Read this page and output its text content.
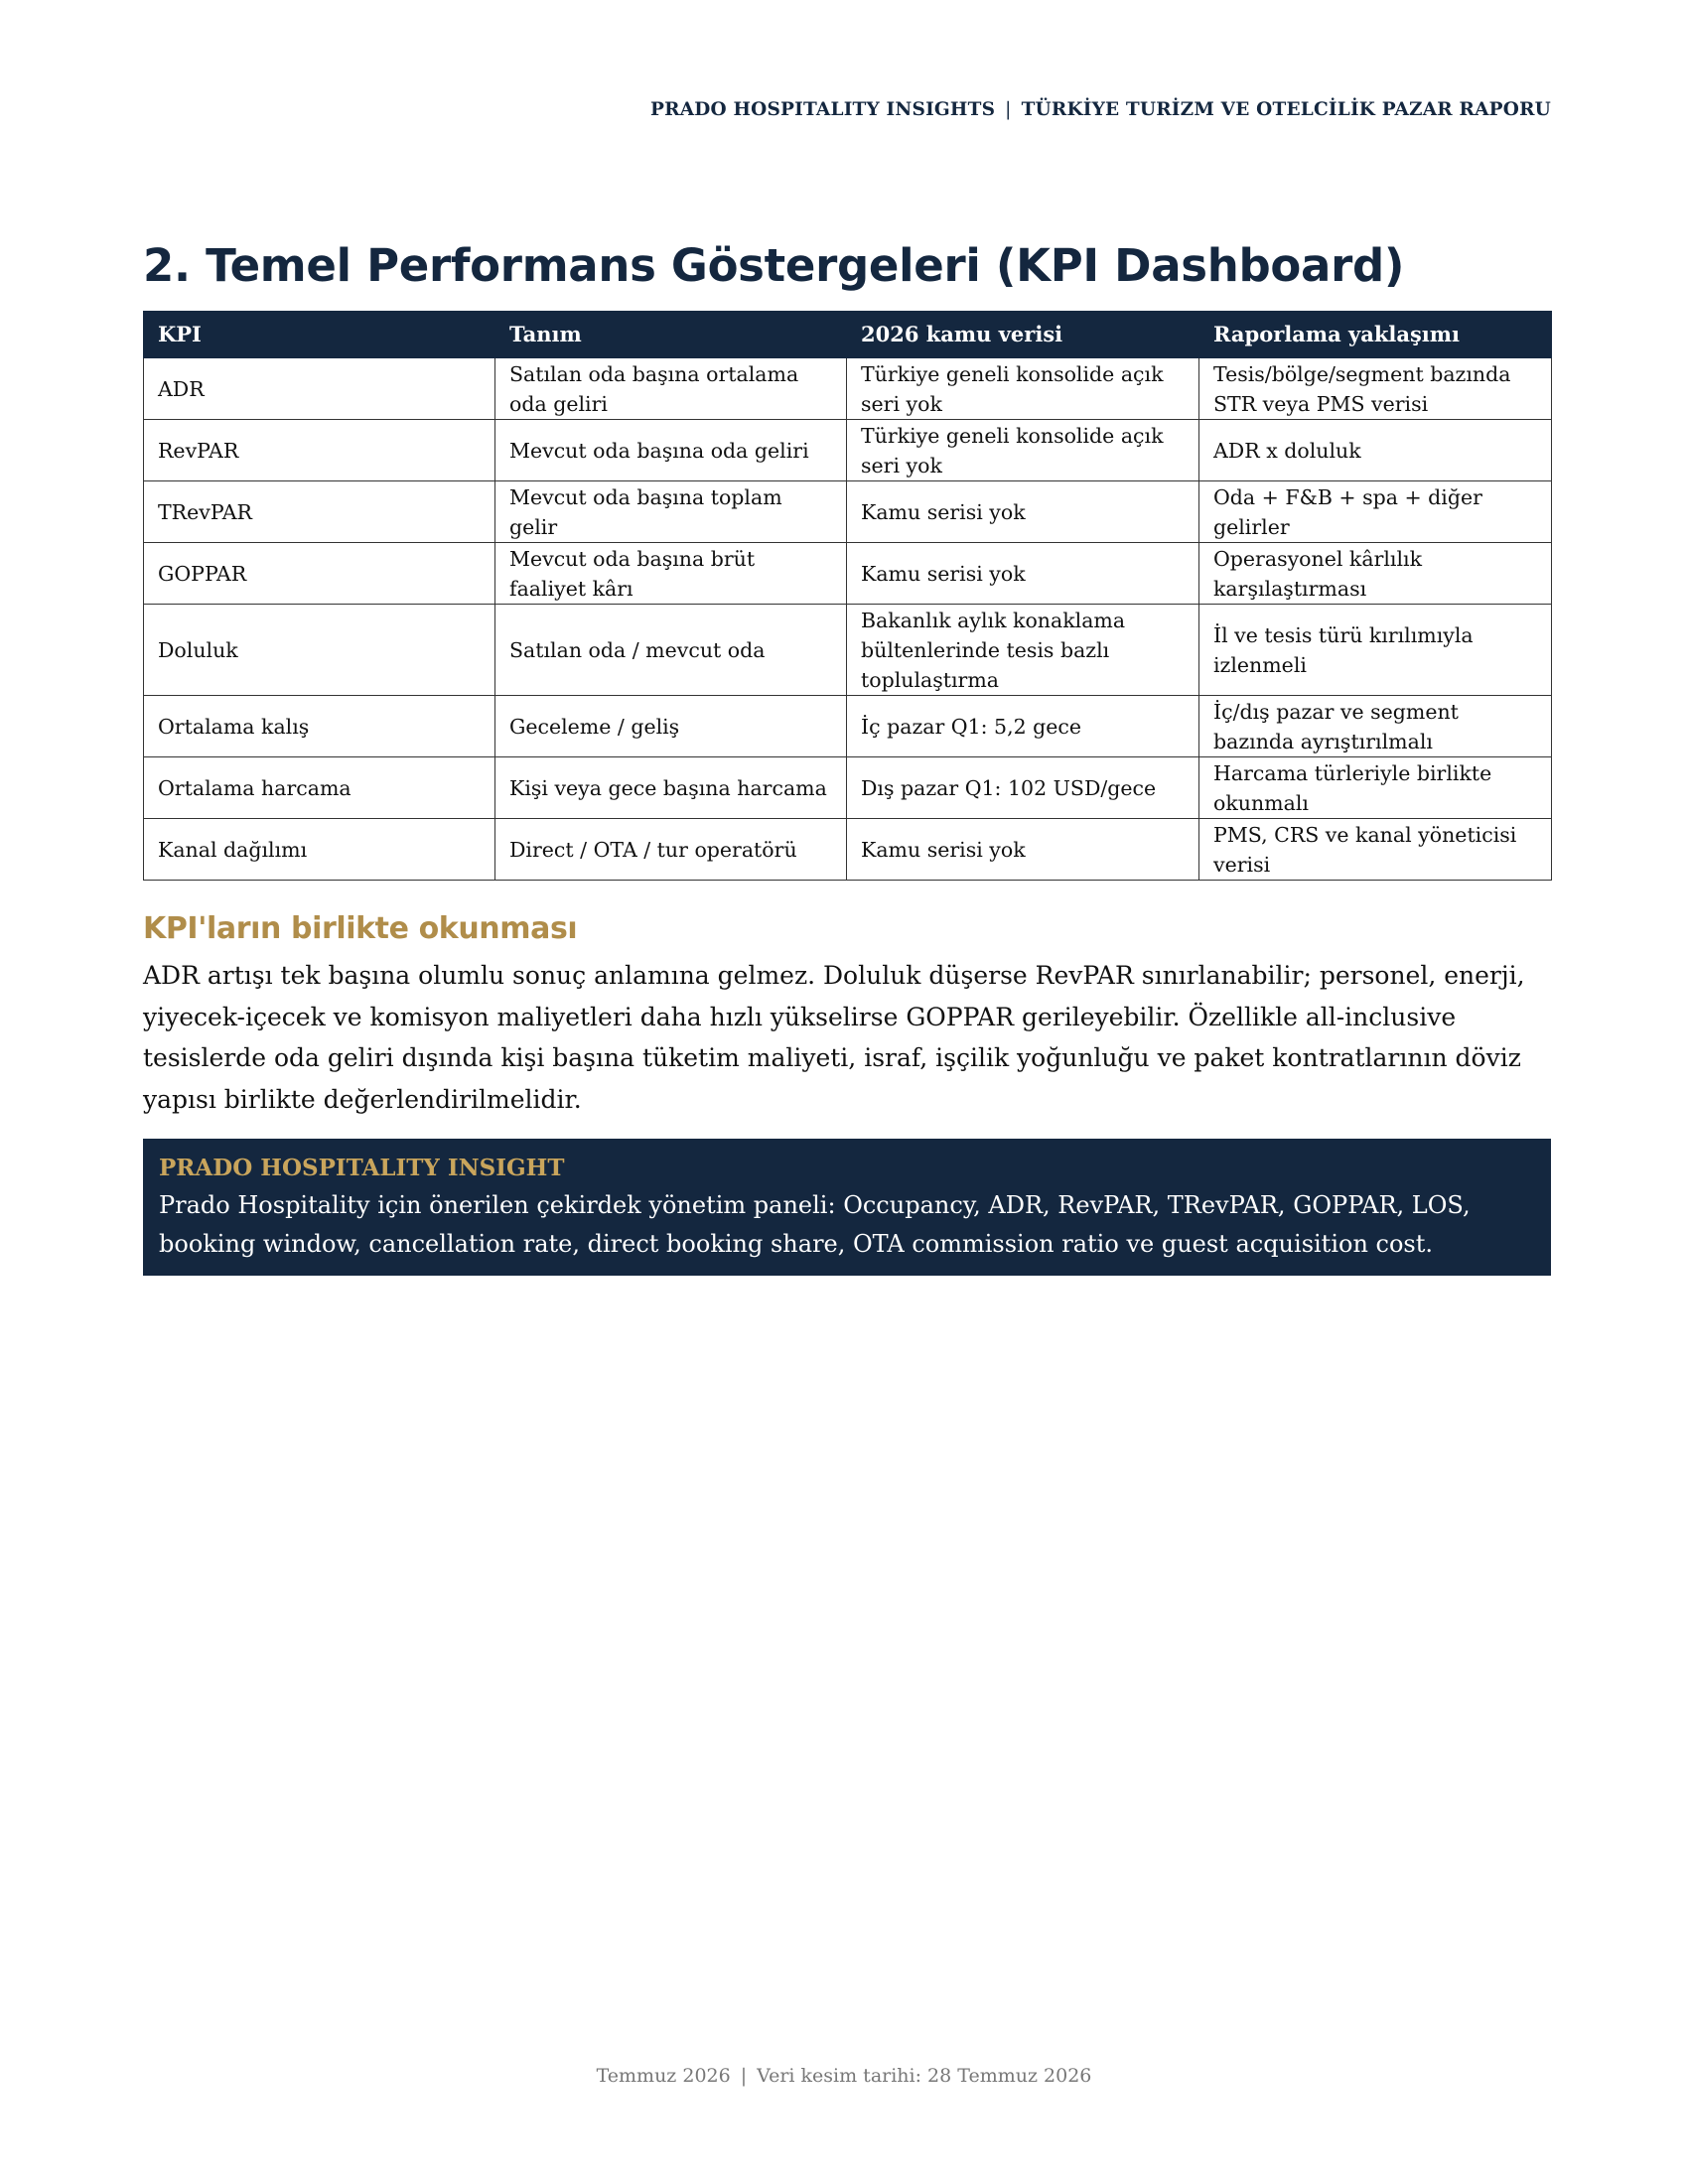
PRADO HOSPITALITY INSIGHTS | TÜRKİYE TURİZM VE OTELCİLİK PAZAR RAPORU
2. Temel Performans Göstergeleri (KPI Dashboard)
KPI	Tanım	2026 kamu verisi	Raporlama yaklaşımı
ADR	Satılan oda başına ortalama oda geliri	Türkiye geneli konsolide açık seri yok	Tesis/bölge/segment bazında STR veya PMS verisi
RevPAR	Mevcut oda başına oda geliri	Türkiye geneli konsolide açık seri yok	ADR x doluluk
TRevPAR	Mevcut oda başına toplam gelir	Kamu serisi yok	Oda + F&B + spa + diğer gelirler
GOPPAR	Mevcut oda başına brüt faaliyet kârı	Kamu serisi yok	Operasyonel kârlılık karşılaştırması
Doluluk	Satılan oda / mevcut oda	Bakanlık aylık konaklama bültenlerinde tesis bazlı toplulaştırma	İl ve tesis türü kırılımıyla izlenmeli
Ortalama kalış	Geceleme / geliş	İç pazar Q1: 5,2 gece	İç/dış pazar ve segment bazında ayrıştırılmalı
Ortalama harcama	Kişi veya gece başına harcama	Dış pazar Q1: 102 USD/gece	Harcama türleriyle birlikte okunmalı
Kanal dağılımı	Direct / OTA / tur operatörü	Kamu serisi yok	PMS, CRS ve kanal yöneticisi verisi
KPI'ların birlikte okunması

ADR artışı tek başına olumlu sonuç anlamına gelmez. Doluluk düşerse RevPAR sınırlanabilir; personel, enerji, yiyecek-içecek ve komisyon maliyetleri daha hızlı yükselirse GOPPAR gerileyebilir. Özellikle all-inclusive tesislerde oda geliri dışında kişi başına tüketim maliyeti, israf, işçilik yoğunluğu ve paket kontratlarının döviz yapısı birlikte değerlendirilmelidir.

PRADO HOSPITALITY INSIGHT
Prado Hospitality için önerilen çekirdek yönetim paneli: Occupancy, ADR, RevPAR, TRevPAR, GOPPAR, LOS, booking window, cancellation rate, direct booking share, OTA commission ratio ve guest acquisition cost.
Temmuz 2026 | Veri kesim tarihi: 28 Temmuz 2026
